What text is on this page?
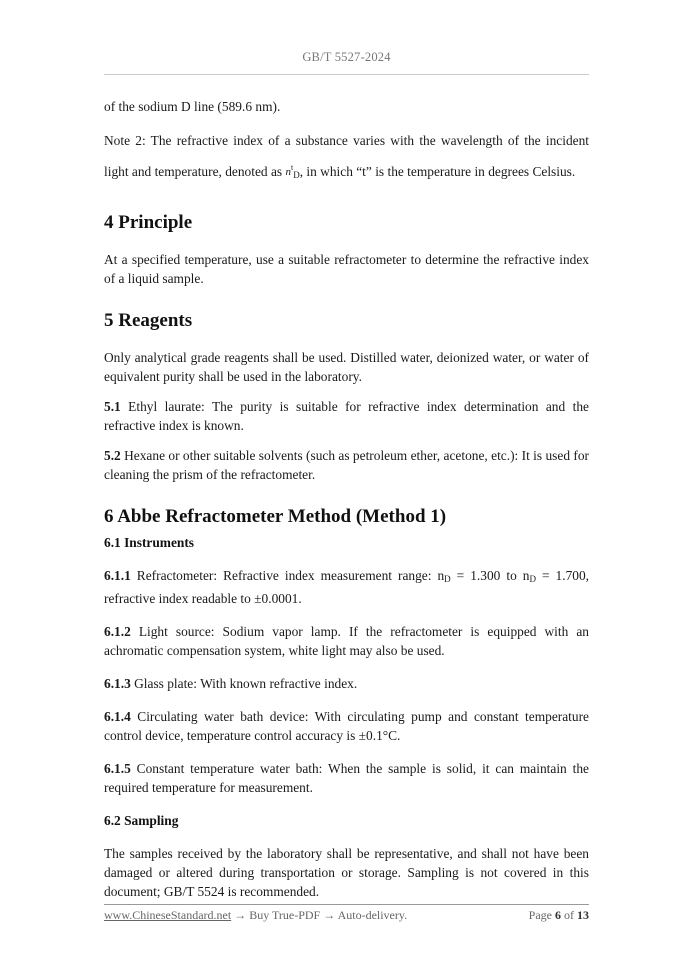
GB/T 5527-2024

of the sodium D line (589.6 nm).

Note 2: The refractive index of a substance varies with the wavelength of the incident light and temperature, denoted as $n^t_D$, in which “t” is the temperature in degrees Celsius.

4 Principle

At a specified temperature, use a suitable refractometer to determine the refractive index of a liquid sample.

5 Reagents

Only analytical grade reagents shall be used. Distilled water, deionized water, or water of equivalent purity shall be used in the laboratory.

5.1 Ethyl laurate: The purity is suitable for refractive index determination and the refractive index is known.

5.2 Hexane or other suitable solvents (such as petroleum ether, acetone, etc.): It is used for cleaning the prism of the refractometer.

6 Abbe Refractometer Method (Method 1)
6.1 Instruments

6.1.1 Refractometer: Refractive index measurement range: $n_D = 1.300$ to $n_D = 1.700$, refractive index readable to ±0.0001.

6.1.2 Light source: Sodium vapor lamp. If the refractometer is equipped with an achromatic compensation system, white light may also be used.

6.1.3 Glass plate: With known refractive index.

6.1.4 Circulating water bath device: With circulating pump and constant temperature control device, temperature control accuracy is ±0.1°C.

6.1.5 Constant temperature water bath: When the sample is solid, it can maintain the required temperature for measurement.

6.2 Sampling

The samples received by the laboratory shall be representative, and shall not have been damaged or altered during transportation or storage. Sampling is not covered in this document; GB/T 5524 is recommended.

www.ChineseStandard.net → Buy True-PDF → Auto-delivery.	Page 6 of 13
